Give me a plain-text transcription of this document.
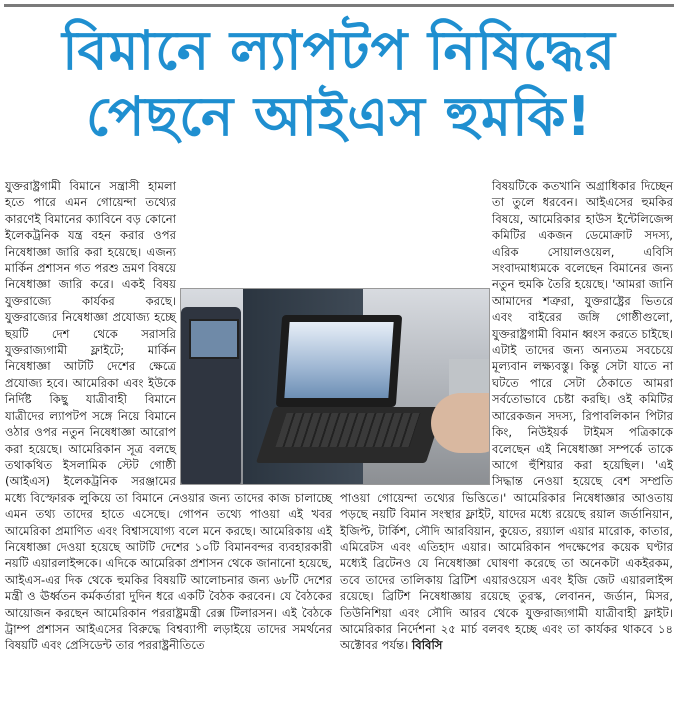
বিমানে ল্যাপটপ নিষিদ্ধের
পেছনে আইএস হুমকি!
যুক্তরাষ্ট্রগামী বিমানে সন্ত্রাসী হামলা হতে পারে এমন গোয়েন্দা তথ্যের কারণেই বিমানের ক্যাবিনে বড় কোনো ইলেকট্রনিক যন্ত্র বহন করার ওপর নিষেধাজ্ঞা জারি করা হয়েছে। এজন্য মার্কিন প্রশাসন গত পরশু ভ্রমণ বিষয়ে নিষেধাজ্ঞা জারি করে। একই বিষয় যুক্তরাজ্যে কার্যকর করছে। যুক্তরাজ্যের নিষেধাজ্ঞা প্রযোজ্য হচ্ছে ছয়টি দেশ থেকে সরাসরি যুক্তরাজ্যগামী ফ্লাইটে; মার্কিন নিষেধাজ্ঞা আটটি দেশের ক্ষেত্রে প্রযোজ্য হবে। আমেরিকা এবং ইউকে নির্দিষ্ট কিছু যাত্রীবাহী বিমানে যাত্রীদের ল্যাপটপ সঙ্গে নিয়ে বিমানে ওঠার ওপর নতুন নিষেধাজ্ঞা আরোপ করা হয়েছে। আমেরিকান সূত্র বলছে তথাকথিত ইসলামিক স্টেট গোষ্ঠী (আইএস) ইলেকট্রনিক সরঞ্জামের মধ্যে বিস্ফোরক লুকিয়ে তা বিমানে নেওয়ার জন্য তাদের কাজ চালাচ্ছে এমন তথ্য তাদের হাতে এসেছে। গোপন তথ্যে পাওয়া এই খবর আমেরিকা প্রমাণিত এবং বিশ্বাসযোগ্য বলে মনে করছে। আমেরিকায় এই নিষেধাজ্ঞা দেওয়া হয়েছে আটটি দেশের ১০টি বিমানবন্দর ব্যবহারকারী নয়টি এয়ারলাইন্সকে। এদিকে আমেরিকা প্রশাসন থেকে জানানো হয়েছে, আইএস-এর দিক থেকে হুমকির বিষয়টি আলোচনার জন্য ৬৮টি দেশের মন্ত্রী ও ঊর্ধ্বতন কর্মকর্তারা দুদিন ধরে একটি বৈঠক করবেন। যে বৈঠকের আয়োজন করছেন আমেরিকান পররাষ্ট্রমন্ত্রী রেক্স টিলারসন। এই বৈঠকে ট্রাম্প প্রশাসন আইএসের বিরুদ্ধে বিশ্বব্যাপী লড়াইয়ে তাদের সমর্থনের বিষয়টি এবং প্রেসিডেন্ট তার পররাষ্ট্রনীতিতে
বিষয়টিকে কতখানি অগ্রাধিকার দিচ্ছেন তা তুলে ধরবেন। আইএসের হুমকির বিষয়ে, আমেরিকার হাউস ইন্টেলিজেন্স কমিটির একজন ডেমোক্রাট সদস্য, এরিক সোয়ালওয়েল, এবিসি সংবাদমাধ্যমকে বলেছেন বিমানের জন্য নতুন হুমকি তৈরি হয়েছে। 'আমরা জানি আমাদের শত্রুরা, যুক্তরাষ্ট্রের ভিতরে এবং বাইরের জঙ্গি গোষ্ঠীগুলো, যুক্তরাষ্ট্রগামী বিমান ধ্বংস করতে চাইছে। এটাই তাদের জন্য অন্যতম সবচেয়ে মূল্যবান লক্ষ্যবস্তু। কিন্তু সেটা যাতে না ঘটতে পারে সেটা ঠেকাতে আমরা সর্বতোভাবে চেষ্টা করছি। ওই কমিটির আরেকজন সদস্য, রিপাবলিকান পিটার কিং, নিউইয়র্ক টাইমস পত্রিকাকে বলেছেন এই নিষেধাজ্ঞা সম্পর্কে তাকে আগে হুঁশিয়ার করা হয়েছিল। 'এই সিদ্ধান্ত নেওয়া হয়েছে বেশ সম্প্রতি পাওয়া গোয়েন্দা তথ্যের ভিত্তিতে।' আমেরিকার নিষেধাজ্ঞার আওতায় পড়ছে নয়টি বিমান সংস্থার ফ্লাইট, যাদের মধ্যে রয়েছে রয়াল জর্ডানিয়ান, ইজিপ্ট, টার্কিশ, সৌদি আরবিয়ান, কুয়েত, রয়্যাল এয়ার মারোক, কাতার, এমিরেটস এবং এতিহাদ এয়ার। আমেরিকান পদক্ষেপের কয়েক ঘণ্টার মধ্যেই ব্রিটেনও যে নিষেধাজ্ঞা ঘোষণা করেছে তা অনেকটা একইরকম, তবে তাদের তালিকায় ব্রিটিশ এয়ারওয়েস এবং ইজি জেট এয়ারলাইন্স রয়েছে। ব্রিটিশ নিষেধাজ্ঞায় রয়েছে তুরস্ক, লেবানন, জর্ডান, মিসর, তিউনিশিয়া এবং সৌদি আরব থেকে যুক্তরাজ্যগামী যাত্রীবাহী ফ্লাইট। আমেরিকার নির্দেশনা ২৫ মার্চ বলবৎ হচ্ছে এবং তা কার্যকর থাকবে ১৪ অক্টোবর পর্যন্ত। বিবিসি
